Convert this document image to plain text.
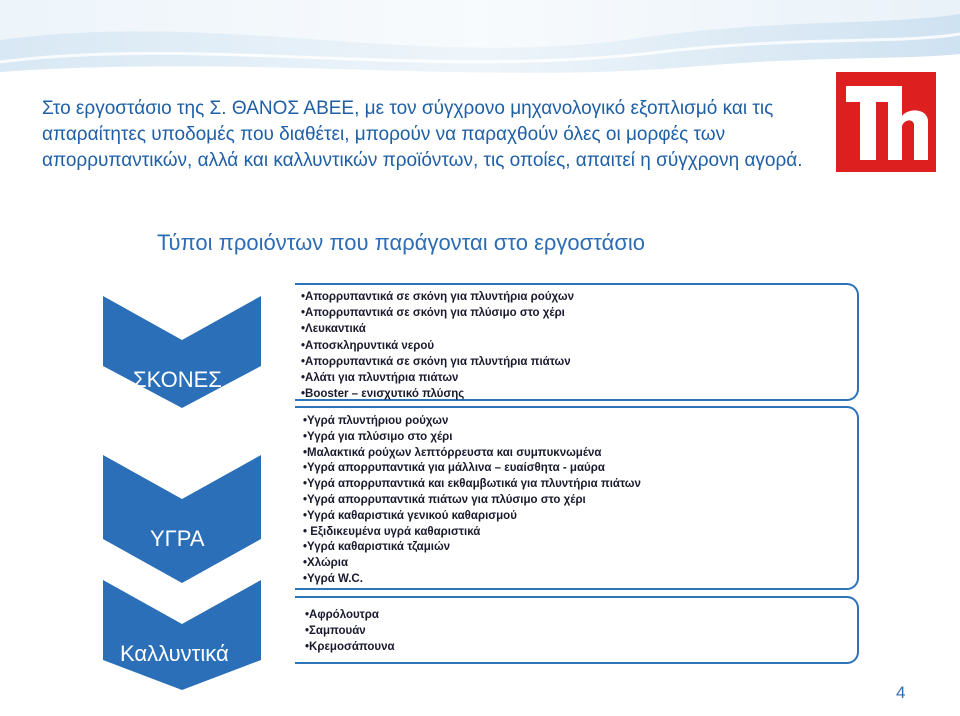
Στο εργοστάσιο της Σ. ΘΑΝΟΣ ΑΒΕΕ, με τον σύγχρονο μηχανολογικό εξοπλισμό και τις απαραίτητες υποδομές που διαθέτει, μπορούν να παραχθούν όλες οι μορφές των απορρυπαντικών, αλλά και καλλυντικών προϊόντων, τις οποίες, απαιτεί η σύγχρονη αγορά.

Τύποι προιόντων που παράγονται στο εργοστάσιο
ΣΚΟΝΕΣ
ΥΓΡΑ
Καλλυντικά
•Απορρυπαντικά σε σκόνη για πλυντήρια ρούχων
•Απορρυπαντικά σε σκόνη για πλύσιμο στο χέρι
•Λευκαντικά
•Αποσκληρυντικά νερού
•Απορρυπαντικά σε σκόνη για πλυντήρια πιάτων
•Αλάτι για πλυντήρια πιάτων
•Booster – ενισχυτικό πλύσης
•Υγρά πλυντήριου ρούχων
•Υγρά για πλύσιμο στο χέρι
•Μαλακτικά ρούχων λεπτόρρευστα και συμπυκνωμένα
•Υγρά απορρυπαντικά για μάλλινα – ευαίσθητα - μαύρα
•Υγρά απορρυπαντικά και εκθαμβωτικά για πλυντήρια πιάτων
•Υγρά απορρυπαντικά πιάτων για πλύσιμο στο χέρι
•Υγρά καθαριστικά γενικού καθαρισμού
• Εξιδικευμένα υγρά καθαριστικά
•Υγρά καθαριστικά τζαμιών
•Χλώρια
•Υγρά W.C.
•Αφρόλουτρα
•Σαμπουάν
•Κρεμοσάπουνα
4
